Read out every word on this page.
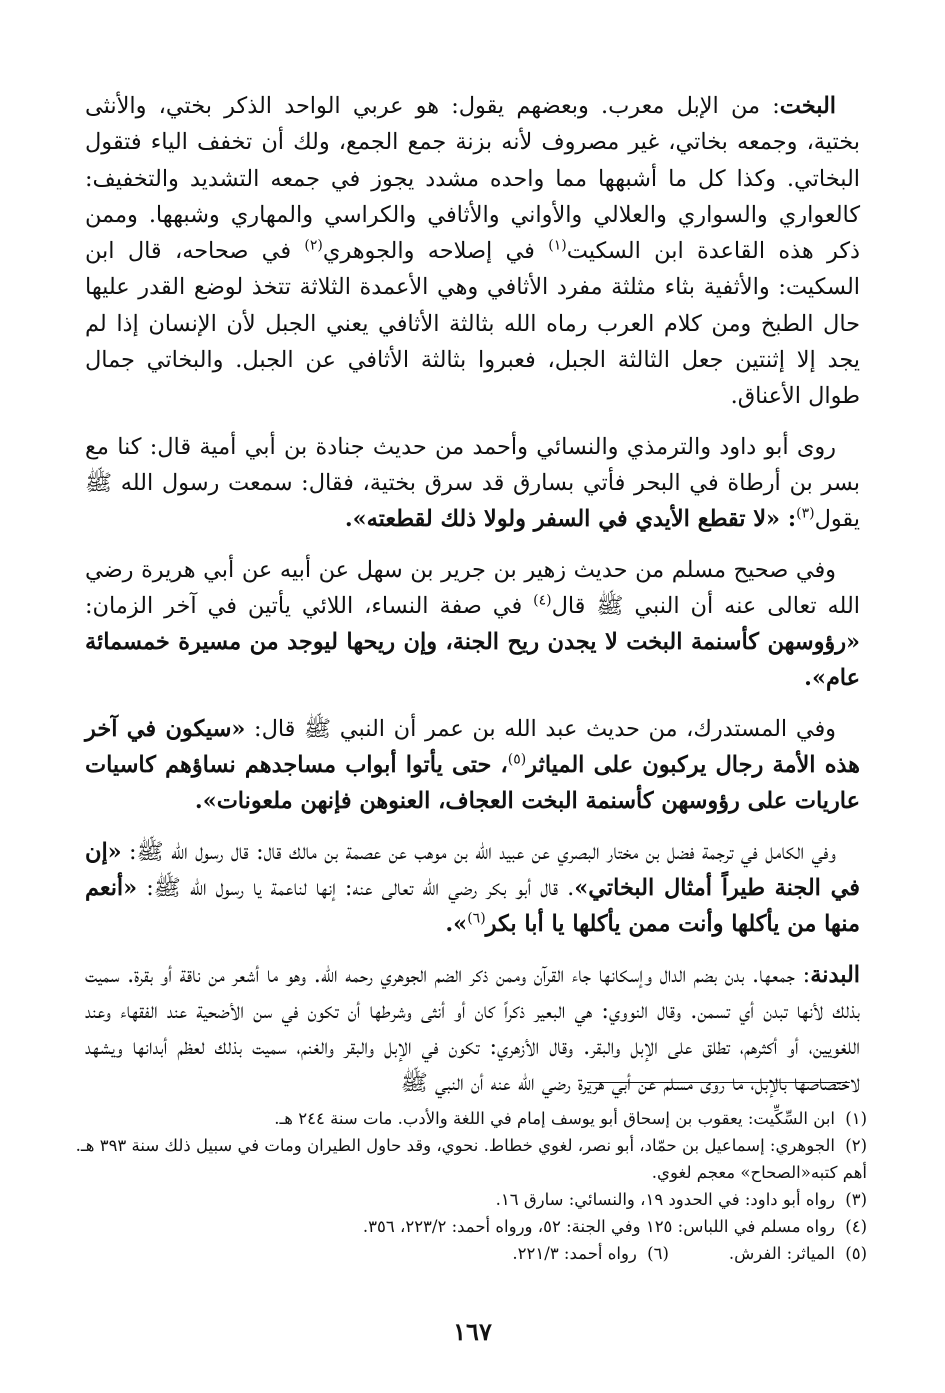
البخت: من الإبل معرب. وبعضهم يقول: هو عربي الواحد الذكر بختي، والأنثى بختية، وجمعه بخاتي، غير مصروف لأنه بزنة جمع الجمع، ولك أن تخفف الياء فتقول البخاتي. وكذا كل ما أشبهها مما واحده مشدد يجوز في جمعه التشديد والتخفيف: كالعواري والسواري والعلالي والأواني والأثافي والكراسي والمهاري وشبهها. وممن ذكر هذه القاعدة ابن السكيت$^{(١)}$ في إصلاحه والجوهري$^{(٢)}$ في صحاحه، قال ابن السكيت: والأثفية بثاء مثلثة مفرد الأثافي وهي الأعمدة الثلاثة تتخذ لوضع القدر عليها حال الطبخ ومن كلام العرب رماه الله بثالثة الأثافي يعني الجبل لأن الإنسان إذا لم يجد إلا إثنتين جعل الثالثة الجبل، فعبروا بثالثة الأثافي عن الجبل. والبخاتي جمال طوال الأعناق.

روى أبو داود والترمذي والنسائي وأحمد من حديث جنادة بن أبي أمية قال: كنا مع بسر بن أرطاة في البحر فأتي بسارق قد سرق بختية، فقال: سمعت رسول الله ﷺ يقول$^{(٣)}$: «لا تقطع الأيدي في السفر ولولا ذلك لقطعته».

وفي صحيح مسلم من حديث زهير بن جرير بن سهل عن أبيه عن أبي هريرة رضي الله تعالى عنه أن النبي ﷺ قال$^{(٤)}$ في صفة النساء، اللائي يأتين في آخر الزمان: «رؤوسهن كأسنمة البخت لا يجدن ريح الجنة، وإن ريحها ليوجد من مسيرة خمسمائة عام».

وفي المستدرك، من حديث عبد الله بن عمر أن النبي ﷺ قال: «سيكون في آخر هذه الأمة رجال يركبون على المياثر$^{(٥)}$، حتى يأتوا أبواب مساجدهم نساؤهم كاسيات عاريات على رؤوسهن كأسنمة البخت العجاف، العنوهن فإنهن ملعونات».

وفي الكامل في ترجمة فضل بن مختار البصري عن عبيد الله بن موهب عن عصمة بن مالك قال: قال رسول الله ﷺ: «إن في الجنة طيراً أمثال البخاتي». قال أبو بكر رضي الله تعالى عنه: إنها لناعمة يا رسول الله ﷺ: «أنعم منها من يأكلها وأنت ممن يأكلها يا أبا بكر$^{(٦)}$».

البدنة: جمعها. بدن بضم الدال وإسكانها جاء القرآن وممن ذكر الضم الجوهري رحمه الله. وهو ما أشعر من ناقة أو بقرة. سميت بذلك لأنها تبدن أي تسمن. وقال النووي: هي البعير ذكراً كان أو أنثى وشرطها أن تكون في سن الأضحية عند الفقهاء وعند اللغويين، أو أكثرهم، تطلق على الإبل والبقر. وقال الأزهري: تكون في الإبل والبقر والغنم، سميت بذلك لعظم أبدانها ويشهد لاختصاصها بالإبل، ما روى مسلم عن أبي هريرة رضي الله عنه أن النبي ﷺ

(١)ابن السِّكِّيت: يعقوب بن إسحاق أبو يوسف إمام في اللغة والأدب. مات سنة ٢٤٤ هـ.

(٢)الجوهري: إسماعيل بن حمّاد، أبو نصر، لغوي خطاط. نحوي، وقد حاول الطيران ومات في سبيل ذلك سنة ٣٩٣ هـ. أهم كتبه«الصحاح» معجم لغوي.

(٣)رواه أبو داود: في الحدود ١٩، والنسائي: سارق ١٦.

(٤)رواه مسلم في اللباس: ١٢٥ وفي الجنة: ٥٢، ورواه أحمد: ٢٢٣/٢، ٣٥٦.

(٥)المياثر: الفرش.

(٦)رواه أحمد: ٢٢١/٣.

١٦٧
